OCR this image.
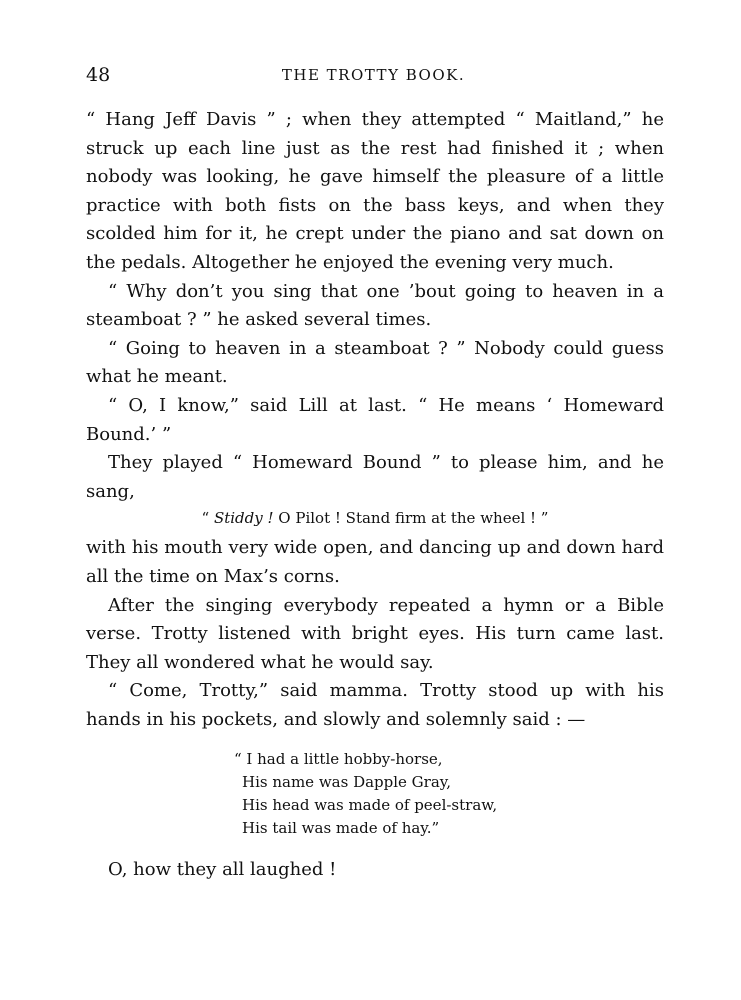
48	THE TROTTY BOOK.

“ Hang Jeff Davis ” ; when they attempted “ Maitland,” he struck up each line just as the rest had finished it ; when nobody was looking, he gave himself the pleasure of a little practice with both fists on the bass keys, and when they scolded him for it, he crept under the piano and sat down on the pedals. Altogether he enjoyed the evening very much.

“ Why don’t you sing that one ’bout going to heaven in a steamboat ? ” he asked several times.

“ Going to heaven in a steamboat ? ” Nobody could guess what he meant.

“ O, I know,” said Lill at last. “ He means ‘ Homeward Bound.’ ”

They played “ Homeward Bound ” to please him, and he sang,

“ Stiddy ! O Pilot ! Stand firm at the wheel ! ”

with his mouth very wide open, and dancing up and down hard all the time on Max’s corns.

After the singing everybody repeated a hymn or a Bible verse. Trotty listened with bright eyes. His turn came last. They all wondered what he would say.

“ Come, Trotty,” said mamma. Trotty stood up with his hands in his pockets, and slowly and solemnly said : —

“ I had a little hobby-horse,
His name was Dapple Gray,
His head was made of peel-straw,
His tail was made of hay.”

O, how they all laughed !
